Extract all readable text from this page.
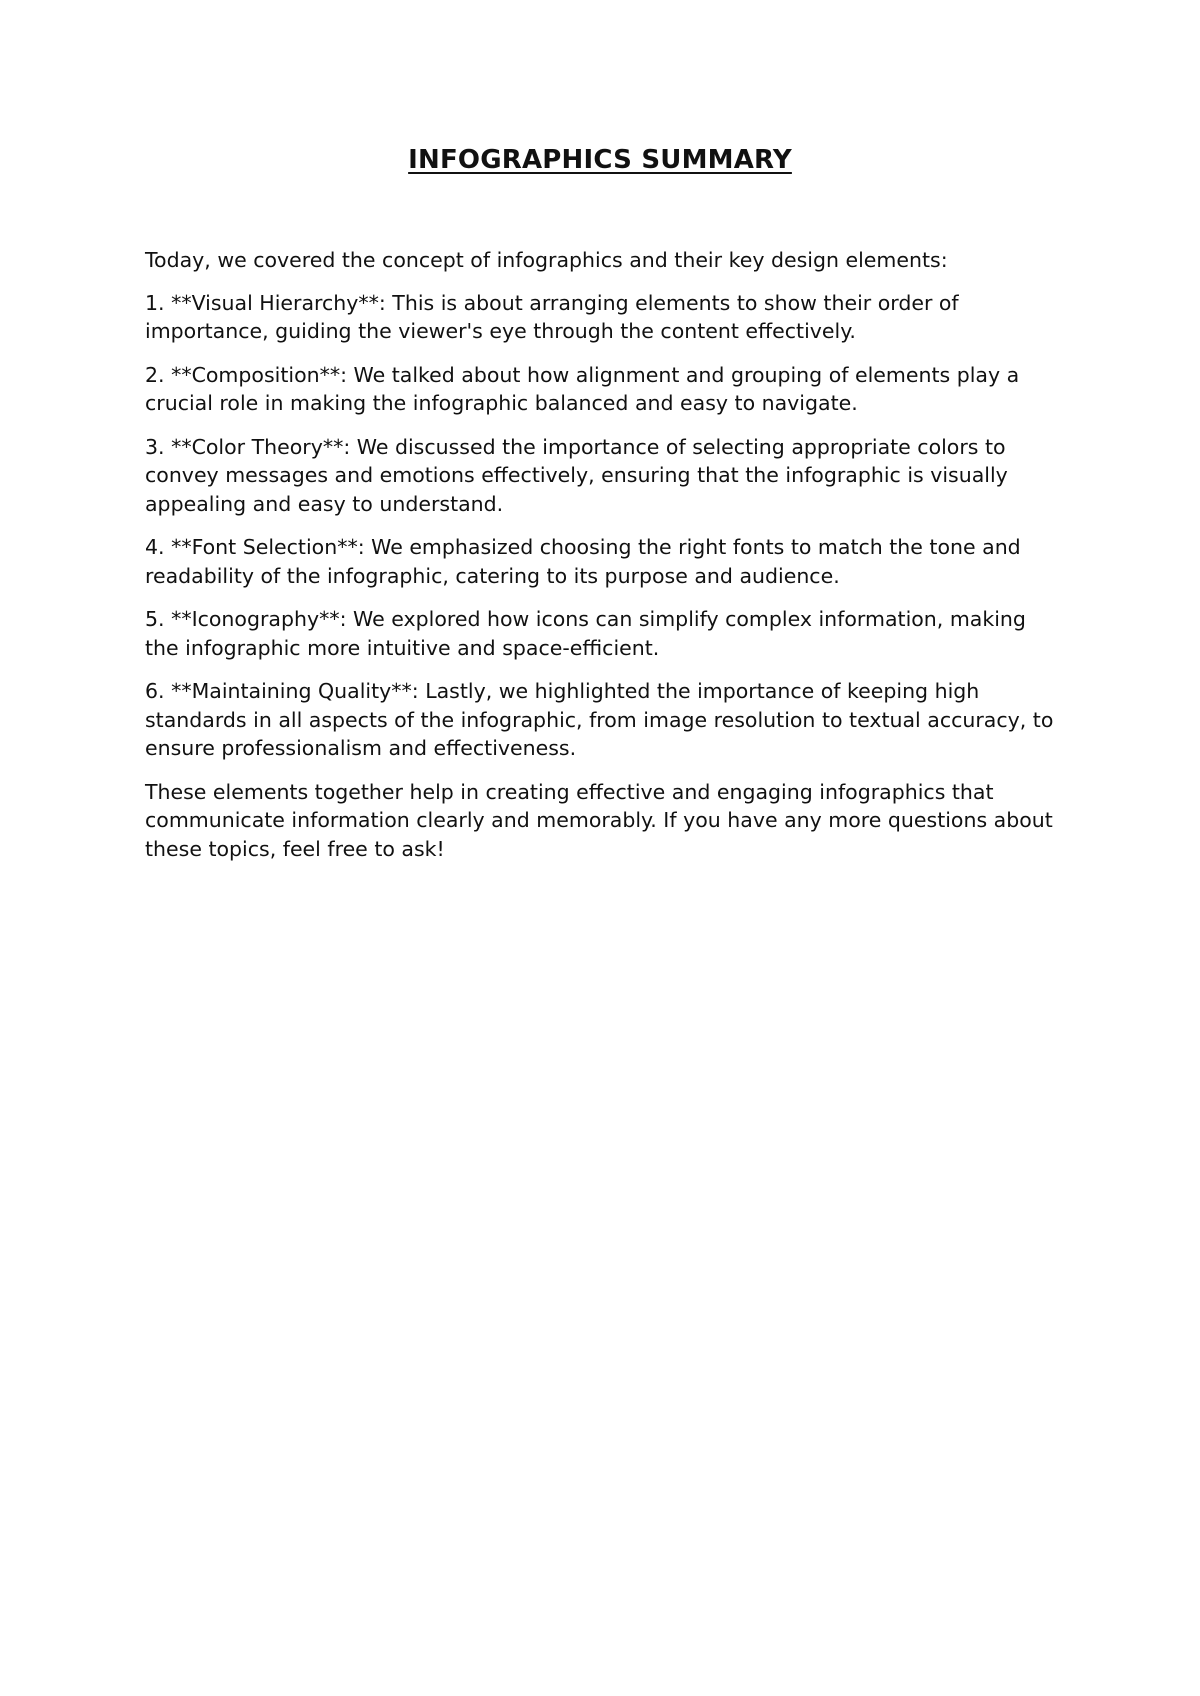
INFOGRAPHICS SUMMARY

Today, we covered the concept of infographics and their key design elements:

1. **Visual Hierarchy**: This is about arranging elements to show their order of importance, guiding the viewer's eye through the content effectively.

2. **Composition**: We talked about how alignment and grouping of elements play a crucial role in making the infographic balanced and easy to navigate.

3. **Color Theory**: We discussed the importance of selecting appropriate colors to convey messages and emotions effectively, ensuring that the infographic is visually appealing and easy to understand.

4. **Font Selection**: We emphasized choosing the right fonts to match the tone and readability of the infographic, catering to its purpose and audience.

5. **Iconography**: We explored how icons can simplify complex information, making the infographic more intuitive and space-efficient.

6. **Maintaining Quality**: Lastly, we highlighted the importance of keeping high standards in all aspects of the infographic, from image resolution to textual accuracy, to ensure professionalism and effectiveness.

These elements together help in creating effective and engaging infographics that communicate information clearly and memorably. If you have any more questions about these topics, feel free to ask!
